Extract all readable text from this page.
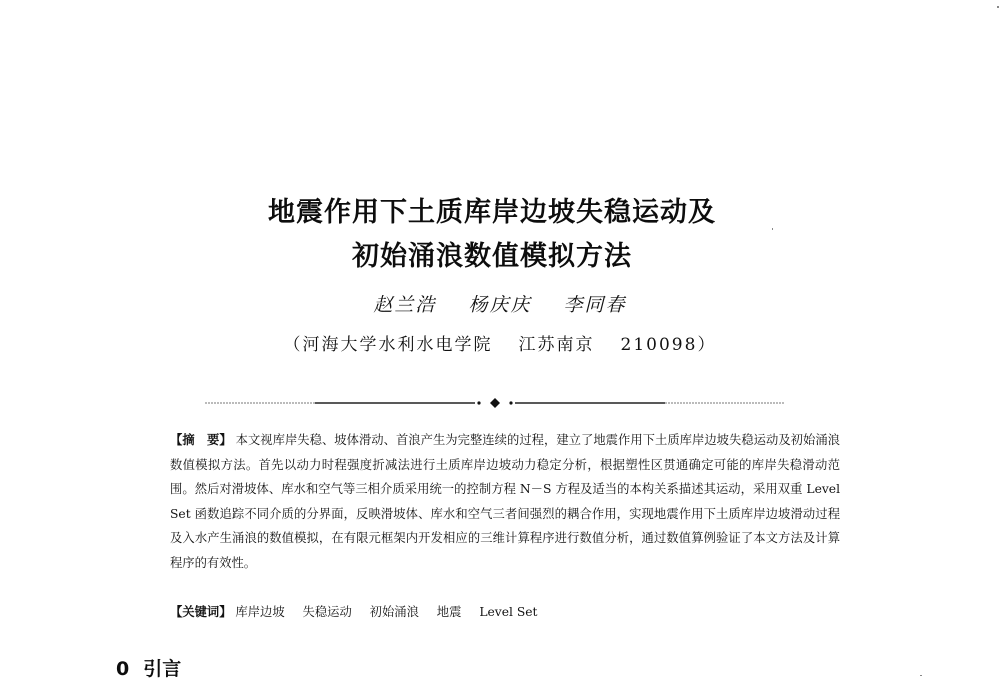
地震作用下土质库岸边坡失稳运动及
初始涌浪数值模拟方法
赵兰浩 杨庆庆 李同春
（河海大学水利水电学院 江苏南京 210098）
【摘　要】 本文视库岸失稳、坡体滑动、首浪产生为完整连续的过程，建立了地震作用下土质库岸边坡失稳运动及初始涌浪数值模拟方法。首先以动力时程强度折减法进行土质库岸边坡动力稳定分析，根据塑性区贯通确定可能的库岸失稳滑动范围。然后对滑坡体、库水和空气等三相介质采用统一的控制方程 N－S 方程及适当的本构关系描述其运动，采用双重 Level Set 函数追踪不同介质的分界面，反映滑坡体、库水和空气三者间强烈的耦合作用，实现地震作用下土质库岸边坡滑动过程及入水产生涌浪的数值模拟，在有限元框架内开发相应的三维计算程序进行数值分析，通过数值算例验证了本文方法及计算程序的有效性。
【关键词】 库岸边坡 失稳运动 初始涌浪 地震 Level Set
0 引言
